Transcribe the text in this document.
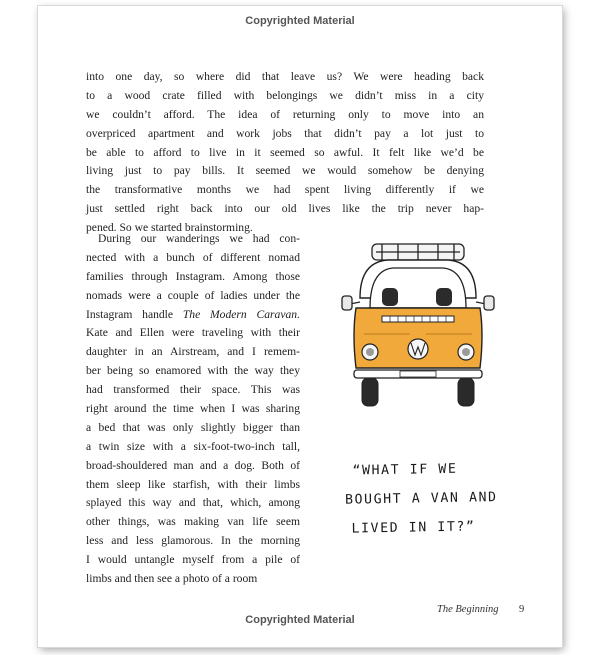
Copyrighted Material
into one day, so where did that leave us? We were heading back
to a wood crate filled with belongings we didn’t miss in a city
we couldn’t afford. The idea of returning only to move into an
overpriced apartment and work jobs that didn’t pay a lot just to
be able to afford to live in it seemed so awful. It felt like we’d be
living just to pay bills. It seemed we would somehow be denying
the transformative months we had spent living differently if we
just settled right back into our old lives like the trip never hap-
pened. So we started brainstorming.
During our wanderings we had con-
nected with a bunch of different nomad
families through Instagram. Among those
nomads were a couple of ladies under the
Instagram handle The Modern Caravan.
Kate and Ellen were traveling with their
daughter in an Airstream, and I remem-
ber being so enamored with the way they
had transformed their space. This was
right around the time when I was sharing
a bed that was only slightly bigger than
a twin size with a six-foot-two-inch tall,
broad-shouldered man and a dog. Both of
them sleep like starfish, with their limbs
splayed this way and that, which, among
other things, was making van life seem
less and less glamorous. In the morning
I would untangle myself from a pile of
limbs and then see a photo of a room
“WHAT IF WE
BOUGHT A VAN AND
LIVED IN IT?”
The Beginning 9
Copyrighted Material
